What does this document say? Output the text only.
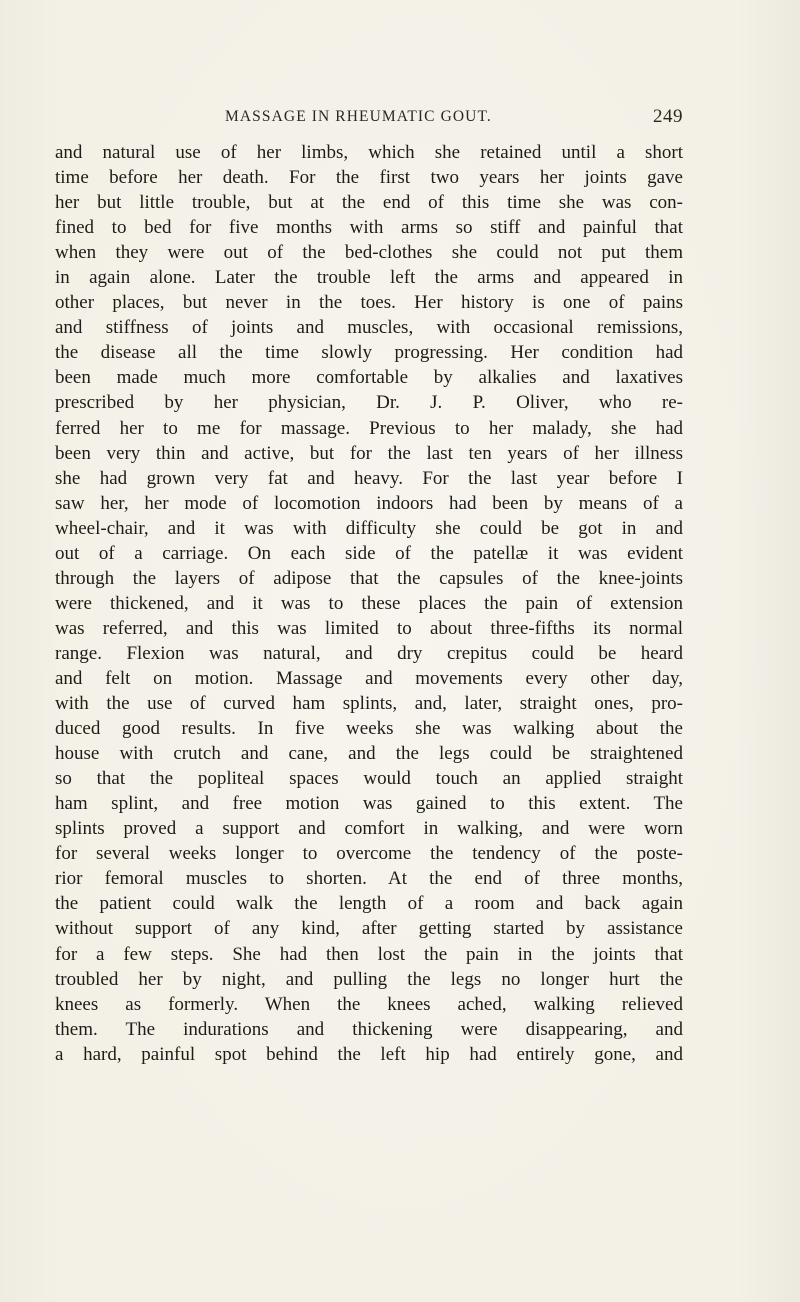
MASSAGE IN RHEUMATIC GOUT.	249
and natural use of her limbs, which she retained until a short
time before her death. For the first two years her joints gave
her but little trouble, but at the end of this time she was con-
fined to bed for five months with arms so stiff and painful that
when they were out of the bed-clothes she could not put them
in again alone. Later the trouble left the arms and appeared in
other places, but never in the toes. Her history is one of pains
and stiffness of joints and muscles, with occasional remissions,
the disease all the time slowly progressing. Her condition had
been made much more comfortable by alkalies and laxatives
prescribed by her physician, Dr. J. P. Oliver, who re-
ferred her to me for massage. Previous to her malady, she had
been very thin and active, but for the last ten years of her illness
she had grown very fat and heavy. For the last year before I
saw her, her mode of locomotion indoors had been by means of a
wheel-chair, and it was with difficulty she could be got in and
out of a carriage. On each side of the patellæ it was evident
through the layers of adipose that the capsules of the knee-joints
were thickened, and it was to these places the pain of extension
was referred, and this was limited to about three-fifths its normal
range. Flexion was natural, and dry crepitus could be heard
and felt on motion. Massage and movements every other day,
with the use of curved ham splints, and, later, straight ones, pro-
duced good results. In five weeks she was walking about the
house with crutch and cane, and the legs could be straightened
so that the popliteal spaces would touch an applied straight
ham splint, and free motion was gained to this extent. The
splints proved a support and comfort in walking, and were worn
for several weeks longer to overcome the tendency of the poste-
rior femoral muscles to shorten. At the end of three months,
the patient could walk the length of a room and back again
without support of any kind, after getting started by assistance
for a few steps. She had then lost the pain in the joints that
troubled her by night, and pulling the legs no longer hurt the
knees as formerly. When the knees ached, walking relieved
them. The indurations and thickening were disappearing, and
a hard, painful spot behind the left hip had entirely gone, and
